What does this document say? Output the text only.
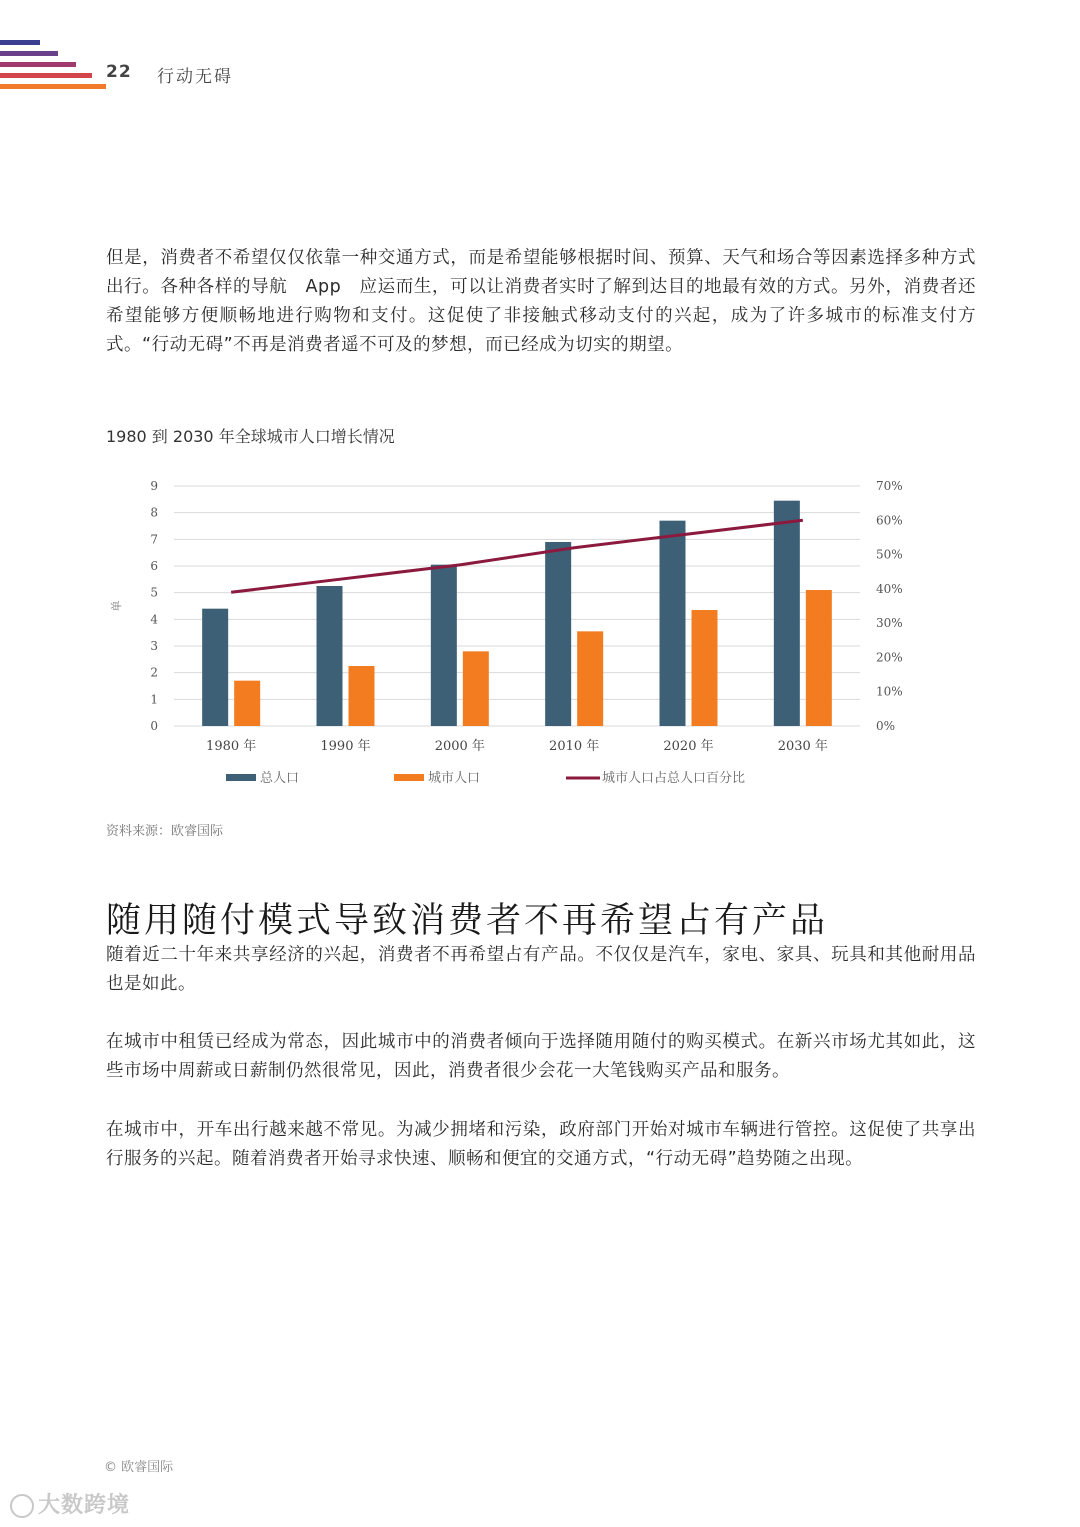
22 行动无碍
但是，消费者不希望仅仅依靠一种交通方式，而是希望能够根据时间、预算、天气和场合等因素选择多种方式出行。各种各样的导航　App　应运而生，可以让消费者实时了解到达目的地最有效的方式。另外，消费者还希望能够方便顺畅地进行购物和支付。这促使了非接触式移动支付的兴起，成为了许多城市的标准支付方式。“行动无碍”不再是消费者遥不可及的梦想，而已经成为切实的期望。
1980 到 2030 年全球城市人口增长情况
0
1
2
3
4
5
6
7
8
9
0%
10%
20%
30%
40%
50%
60%
70%
单
1980 年	1990 年	2000 年	2010 年	2020 年	2030 年
总人口	城市人口	城市人口占总人口百分比
资料来源：欧睿国际
随用随付模式导致消费者不再希望占有产品
随着近二十年来共享经济的兴起，消费者不再希望占有产品。不仅仅是汽车，家电、家具、玩具和其他耐用品也是如此。
在城市中租赁已经成为常态，因此城市中的消费者倾向于选择随用随付的购买模式。在新兴市场尤其如此，这些市场中周薪或日薪制仍然很常见，因此，消费者很少会花一大笔钱购买产品和服务。
在城市中，开车出行越来越不常见。为减少拥堵和污染，政府部门开始对城市车辆进行管控。这促使了共享出行服务的兴起。随着消费者开始寻求快速、顺畅和便宜的交通方式，“行动无碍”趋势随之出现。
© 欧睿国际
大数跨境
